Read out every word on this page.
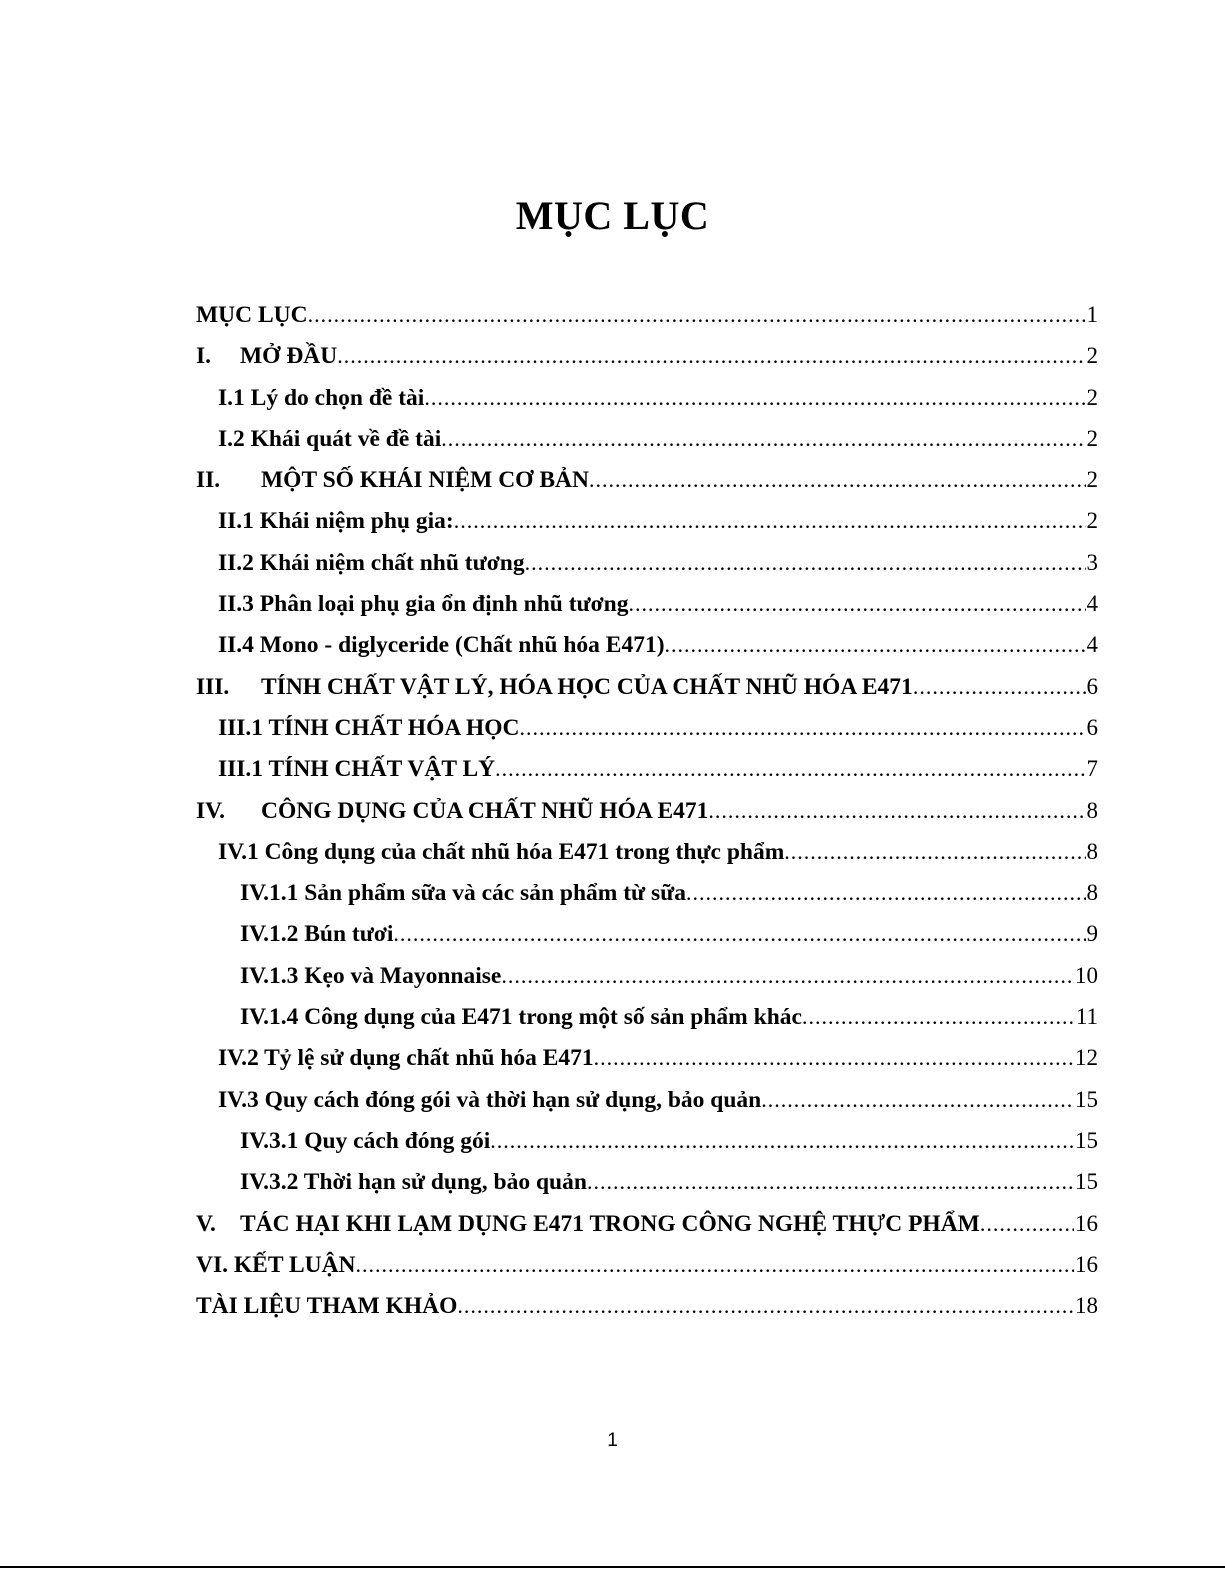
MỤC LỤC
MỤC LỤC .....	1
I. MỞ ĐẦU .....	2
I.1 Lý do chọn đề tài .....	2
I.2 Khái quát về đề tài .....	2
II. MỘT SỐ KHÁI NIỆM CƠ BẢN .....	2
II.1 Khái niệm phụ gia: .....	2
II.2 Khái niệm chất nhũ tương .....	3
II.3 Phân loại phụ gia ổn định nhũ tương .....	4
II.4 Mono - diglyceride (Chất nhũ hóa E471) .....	4
III. TÍNH CHẤT VẬT LÝ, HÓA HỌC CỦA CHẤT NHŨ HÓA E471 .....	6
III.1 TÍNH CHẤT HÓA HỌC .....	6
III.1 TÍNH CHẤT VẬT LÝ .....	7
IV. CÔNG DỤNG CỦA CHẤT NHŨ HÓA E471 .....	8
IV.1 Công dụng của chất nhũ hóa E471 trong thực phẩm .....	8
IV.1.1 Sản phẩm sữa và các sản phẩm từ sữa .....	8
IV.1.2 Bún tươi .....	9
IV.1.3 Kẹo và Mayonnaise .....	10
IV.1.4 Công dụng của E471 trong một số sản phẩm khác .....	11
IV.2 Tỷ lệ sử dụng chất nhũ hóa E471 .....	12
IV.3 Quy cách đóng gói và thời hạn sử dụng, bảo quản .....	15
IV.3.1 Quy cách đóng gói .....	15
IV.3.2 Thời hạn sử dụng, bảo quản .....	15
V. TÁC HẠI KHI LẠM DỤNG E471 TRONG CÔNG NGHỆ THỰC PHẨM .....	16
VI. KẾT LUẬN .....	16
TÀI LIỆU THAM KHẢO .....	18
1
